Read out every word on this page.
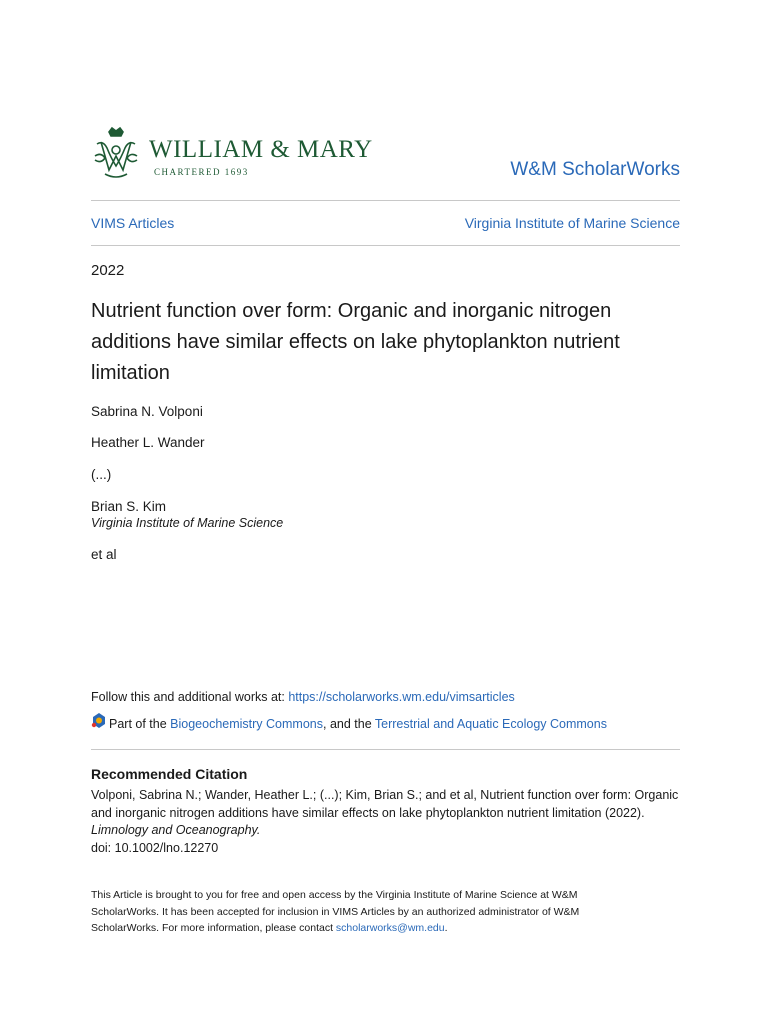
WILLIAM & MARY
CHARTERED 1693	W&M ScholarWorks
VIMS Articles	Virginia Institute of Marine Science
2022
Nutrient function over form: Organic and inorganic nitrogen
additions have similar effects on lake phytoplankton nutrient
limitation
Sabrina N. Volponi
Heather L. Wander
(...)
Brian S. Kim
Virginia Institute of Marine Science
et al
Follow this and additional works at: https://scholarworks.wm.edu/vimsarticles
Part of the Biogeochemistry Commons, and the Terrestrial and Aquatic Ecology Commons
Recommended Citation
Volponi, Sabrina N.; Wander, Heather L.; (...); Kim, Brian S.; and et al, Nutrient function over form: Organic
and inorganic nitrogen additions have similar effects on lake phytoplankton nutrient limitation (2022).
Limnology and Oceanography.
doi: 10.1002/lno.12270
This Article is brought to you for free and open access by the Virginia Institute of Marine Science at W&M
ScholarWorks. It has been accepted for inclusion in VIMS Articles by an authorized administrator of W&M
ScholarWorks. For more information, please contact scholarworks@wm.edu.
